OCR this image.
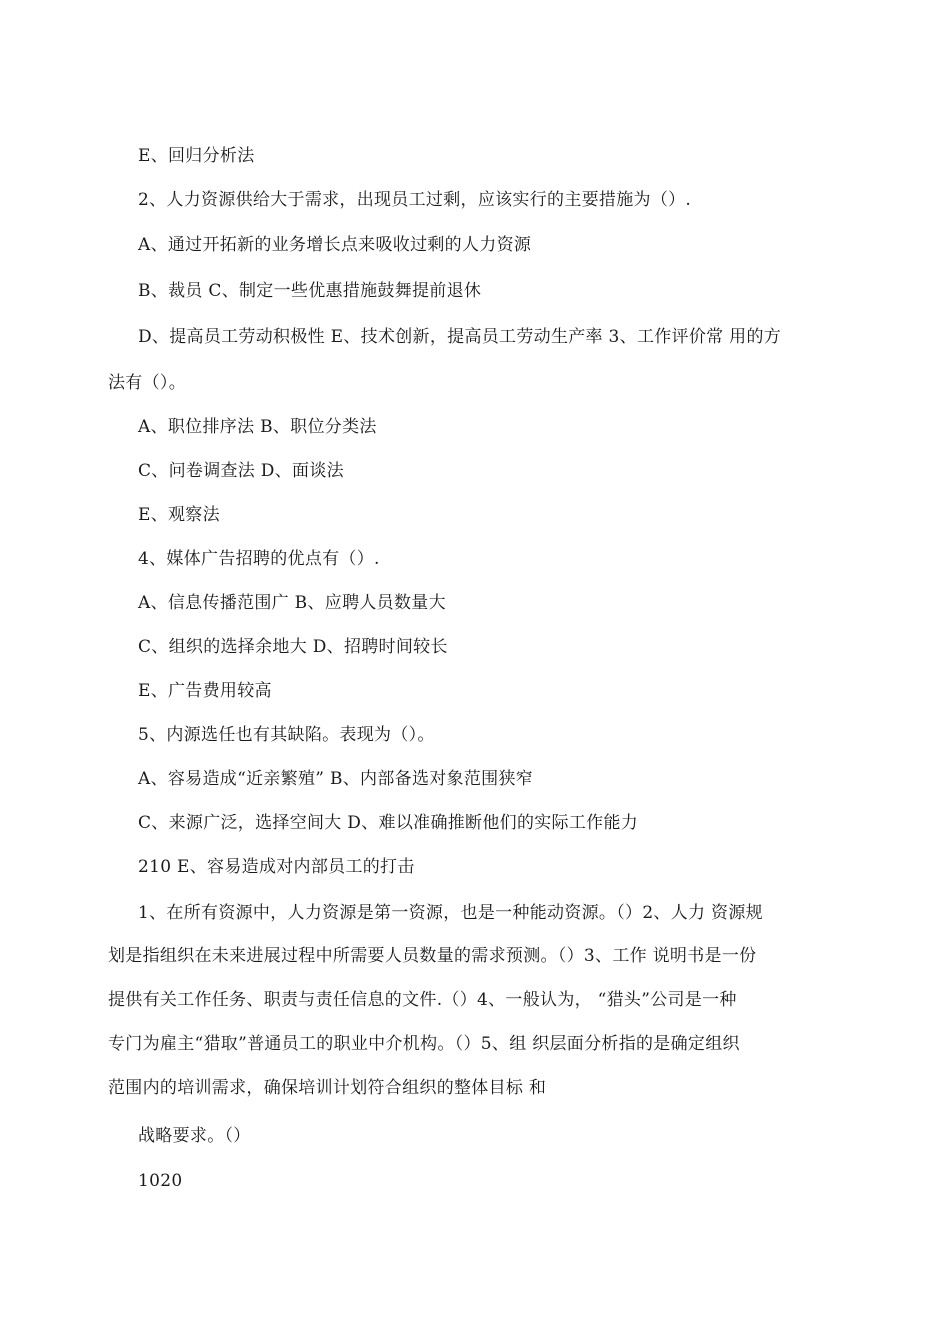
E、回归分析法
2、人力资源供给大于需求，出现员工过剩，应该实行的主要措施为（）.
A、通过开拓新的业务增长点来吸收过剩的人力资源
B、裁员 C、制定一些优惠措施鼓舞提前退休
D、提高员工劳动积极性 E、技术创新，提高员工劳动生产率 3、工作评价常 用的方
法有（）。
A、职位排序法 B、职位分类法
C、问卷调查法 D、面谈法
E、观察法
4、媒体广告招聘的优点有（）.
A、信息传播范围广 B、应聘人员数量大
C、组织的选择余地大 D、招聘时间较长
E、广告费用较高
5、内源选任也有其缺陷。表现为（）。
A、容易造成“近亲繁殖” B、内部备选对象范围狭窄
C、来源广泛，选择空间大 D、难以准确推断他们的实际工作能力
210 E、容易造成对内部员工的打击
1、在所有资源中，人力资源是第一资源，也是一种能动资源。（）2、人力 资源规
划是指组织在未来进展过程中所需要人员数量的需求预测。（）3、工作 说明书是一份
提供有关工作任务、职责与责任信息的文件.（）4、一般认为， “猎头”公司是一种
专门为雇主“猎取”普通员工的职业中介机构。（）5、组 织层面分析指的是确定组织
范围内的培训需求，确保培训计划符合组织的整体目标 和
战略要求。（）
1020
